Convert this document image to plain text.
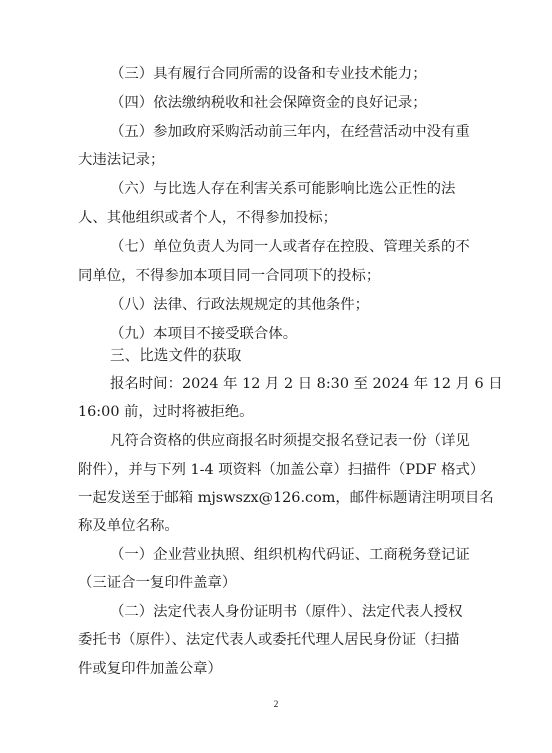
（三）具有履行合同所需的设备和专业技术能力；
（四）依法缴纳税收和社会保障资金的良好记录；
（五）参加政府采购活动前三年内，在经营活动中没有重
大违法记录；
（六）与比选人存在利害关系可能影响比选公正性的法
人、其他组织或者个人，不得参加投标；
（七）单位负责人为同一人或者存在控股、管理关系的不
同单位，不得参加本项目同一合同项下的投标；
（八）法律、行政法规规定的其他条件；
（九）本项目不接受联合体。
三、比选文件的获取
报名时间：2024 年 12 月 2 日 8:30 至 2024 年 12 月 6 日
16:00 前，过时将被拒绝。
凡符合资格的供应商报名时须提交报名登记表一份（详见
附件），并与下列 1-4 项资料（加盖公章）扫描件（PDF 格式）
一起发送至于邮箱 mjswszx@126.com，邮件标题请注明项目名
称及单位名称。
（一）企业营业执照、组织机构代码证、工商税务登记证
（三证合一复印件盖章）
（二）法定代表人身份证明书（原件）、法定代表人授权
委托书（原件）、法定代表人或委托代理人居民身份证（扫描
件或复印件加盖公章）
2
